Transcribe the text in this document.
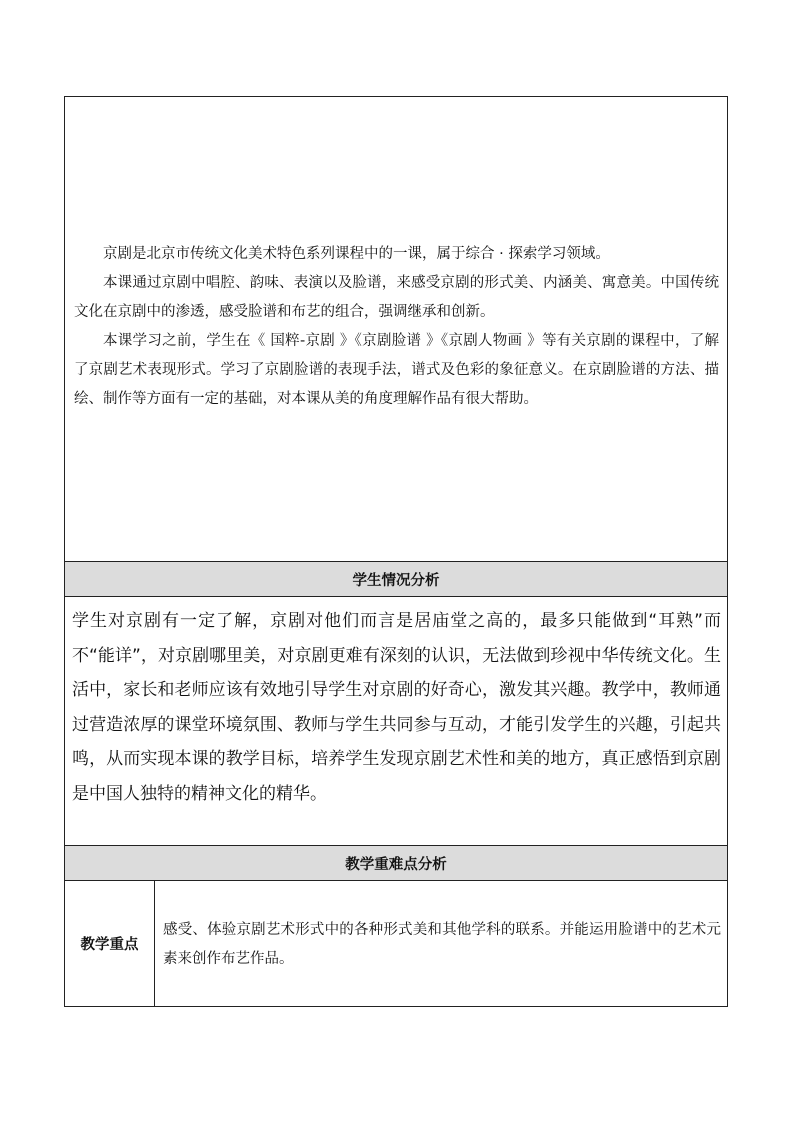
京剧是北京市传统文化美术特色系列课程中的一课，属于综合 · 探索学习领域。

本课通过京剧中唱腔、韵味、表演以及脸谱，来感受京剧的形式美、内涵美、寓意美。中国传统文化在京剧中的渗透，感受脸谱和布艺的组合，强调继承和创新。

本课学习之前，学生在《 国粹-京剧 》《京剧脸谱 》《京剧人物画 》等有关京剧的课程中，了解了京剧艺术表现形式。学习了京剧脸谱的表现手法，谱式及色彩的象征意义。在京剧脸谱的方法、描绘、制作等方面有一定的基础，对本课从美的角度理解作品有很大帮助。

学生情况分析

学生对京剧有一定了解，京剧对他们而言是居庙堂之高的，最多只能做到“耳熟”而不“能详”，对京剧哪里美，对京剧更难有深刻的认识，无法做到珍视中华传统文化。生活中，家长和老师应该有效地引导学生对京剧的好奇心，激发其兴趣。教学中，教师通过营造浓厚的课堂环境氛围、教师与学生共同参与互动，才能引发学生的兴趣，引起共鸣，从而实现本课的教学目标，培养学生发现京剧艺术性和美的地方，真正感悟到京剧是中国人独特的精神文化的精华。

教学重难点分析
教学重点

感受、体验京剧艺术形式中的各种形式美和其他学科的联系。并能运用脸谱中的艺术元素来创作布艺作品。
